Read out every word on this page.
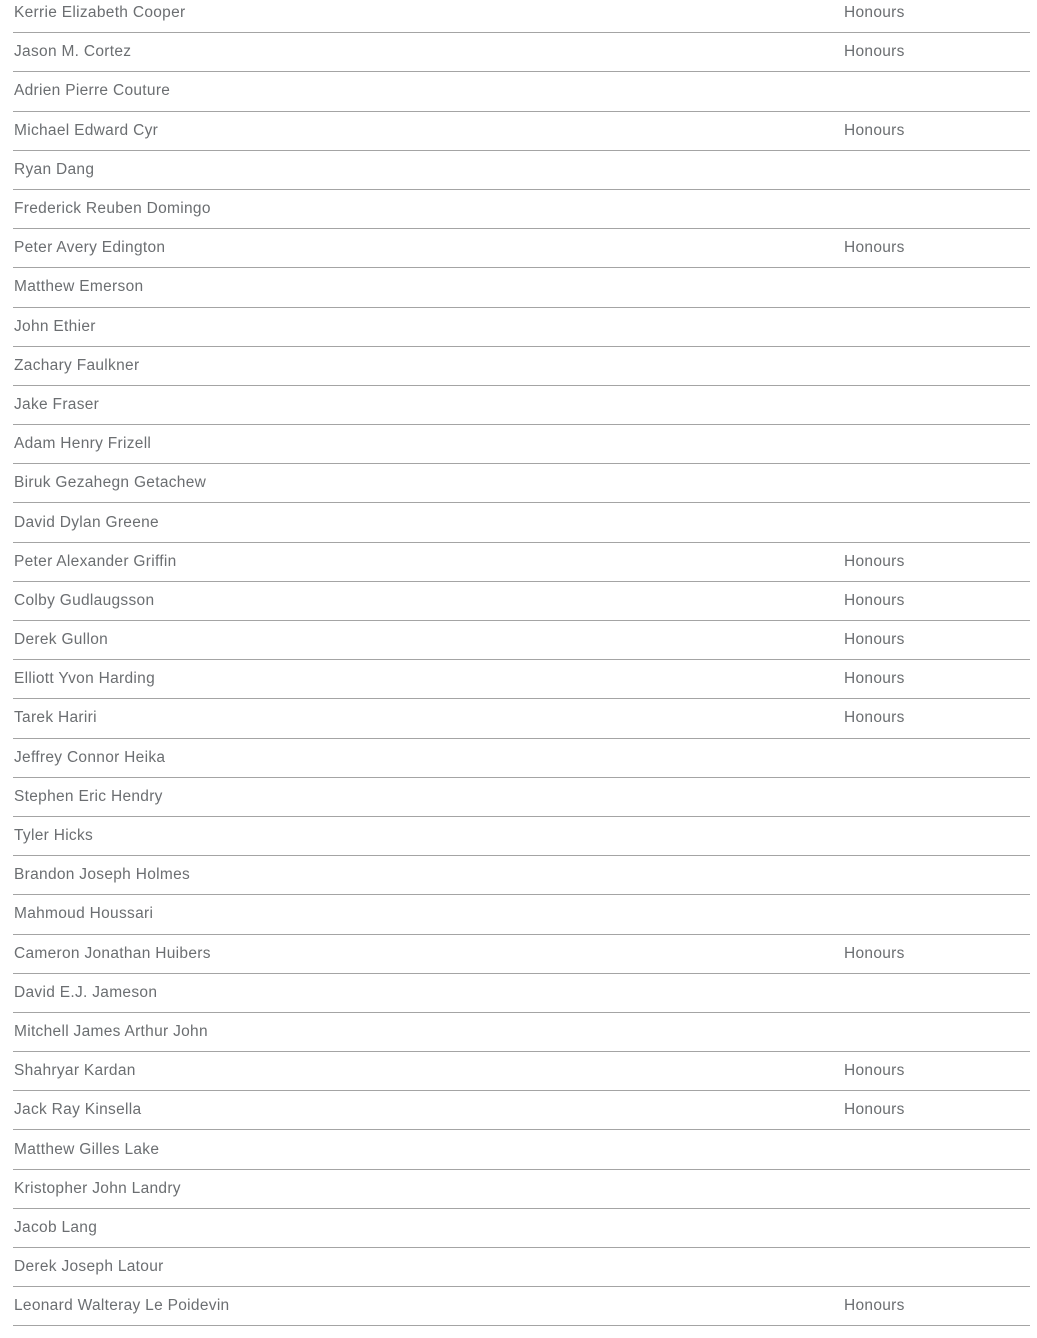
Kerrie Elizabeth Cooper	Honours
Jason M. Cortez	Honours
Adrien Pierre Couture
Michael Edward Cyr	Honours
Ryan Dang
Frederick Reuben Domingo
Peter Avery Edington	Honours
Matthew Emerson
John Ethier
Zachary Faulkner
Jake Fraser
Adam Henry Frizell
Biruk Gezahegn Getachew
David Dylan Greene
Peter Alexander Griffin	Honours
Colby Gudlaugsson	Honours
Derek Gullon	Honours
Elliott Yvon Harding	Honours
Tarek Hariri	Honours
Jeffrey Connor Heika
Stephen Eric Hendry
Tyler Hicks
Brandon Joseph Holmes
Mahmoud Houssari
Cameron Jonathan Huibers	Honours
David E.J. Jameson
Mitchell James Arthur John
Shahryar Kardan	Honours
Jack Ray Kinsella	Honours
Matthew Gilles Lake
Kristopher John Landry
Jacob Lang
Derek Joseph Latour
Leonard Walteray Le Poidevin	Honours
